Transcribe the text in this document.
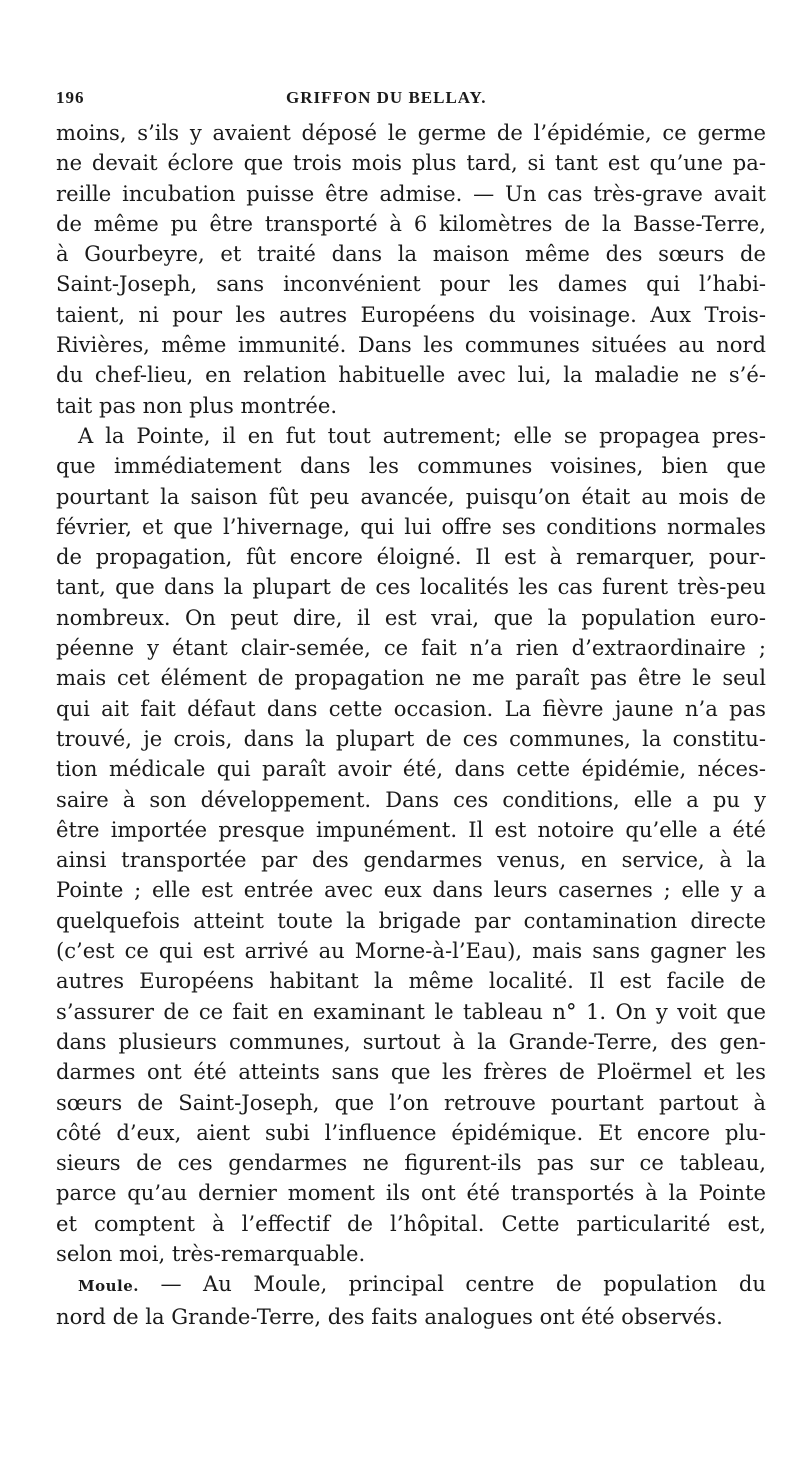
196	GRIFFON DU BELLAY.
moins, s’ils y avaient déposé le germe de l’épidémie, ce germe
ne devait éclore que trois mois plus tard, si tant est qu’une pa-
reille incubation puisse être admise. — Un cas très-grave avait
de même pu être transporté à 6 kilomètres de la Basse-Terre,
à Gourbeyre, et traité dans la maison même des sœurs de
Saint-Joseph, sans inconvénient pour les dames qui l’habi-
taient, ni pour les autres Européens du voisinage. Aux Trois-
Rivières, même immunité. Dans les communes situées au nord
du chef-lieu, en relation habituelle avec lui, la maladie ne s’é-
tait pas non plus montrée.
A la Pointe, il en fut tout autrement; elle se propagea pres-
que immédiatement dans les communes voisines, bien que
pourtant la saison fût peu avancée, puisqu’on était au mois de
février, et que l’hivernage, qui lui offre ses conditions normales
de propagation, fût encore éloigné. Il est à remarquer, pour-
tant, que dans la plupart de ces localités les cas furent très-peu
nombreux. On peut dire, il est vrai, que la population euro-
péenne y étant clair-semée, ce fait n’a rien d’extraordinaire ;
mais cet élément de propagation ne me paraît pas être le seul
qui ait fait défaut dans cette occasion. La fièvre jaune n’a pas
trouvé, je crois, dans la plupart de ces communes, la constitu-
tion médicale qui paraît avoir été, dans cette épidémie, néces-
saire à son développement. Dans ces conditions, elle a pu y
être importée presque impunément. Il est notoire qu’elle a été
ainsi transportée par des gendarmes venus, en service, à la
Pointe ; elle est entrée avec eux dans leurs casernes ; elle y a
quelquefois atteint toute la brigade par contamination directe
(c’est ce qui est arrivé au Morne-à-l’Eau), mais sans gagner les
autres Européens habitant la même localité. Il est facile de
s’assurer de ce fait en examinant le tableau n° 1. On y voit que
dans plusieurs communes, surtout à la Grande-Terre, des gen-
darmes ont été atteints sans que les frères de Ploërmel et les
sœurs de Saint-Joseph, que l’on retrouve pourtant partout à
côté d’eux, aient subi l’influence épidémique. Et encore plu-
sieurs de ces gendarmes ne figurent-ils pas sur ce tableau,
parce qu’au dernier moment ils ont été transportés à la Pointe
et comptent à l’effectif de l’hôpital. Cette particularité est,
selon moi, très-remarquable.
Moule. — Au Moule, principal centre de population du
nord de la Grande-Terre, des faits analogues ont été observés.
